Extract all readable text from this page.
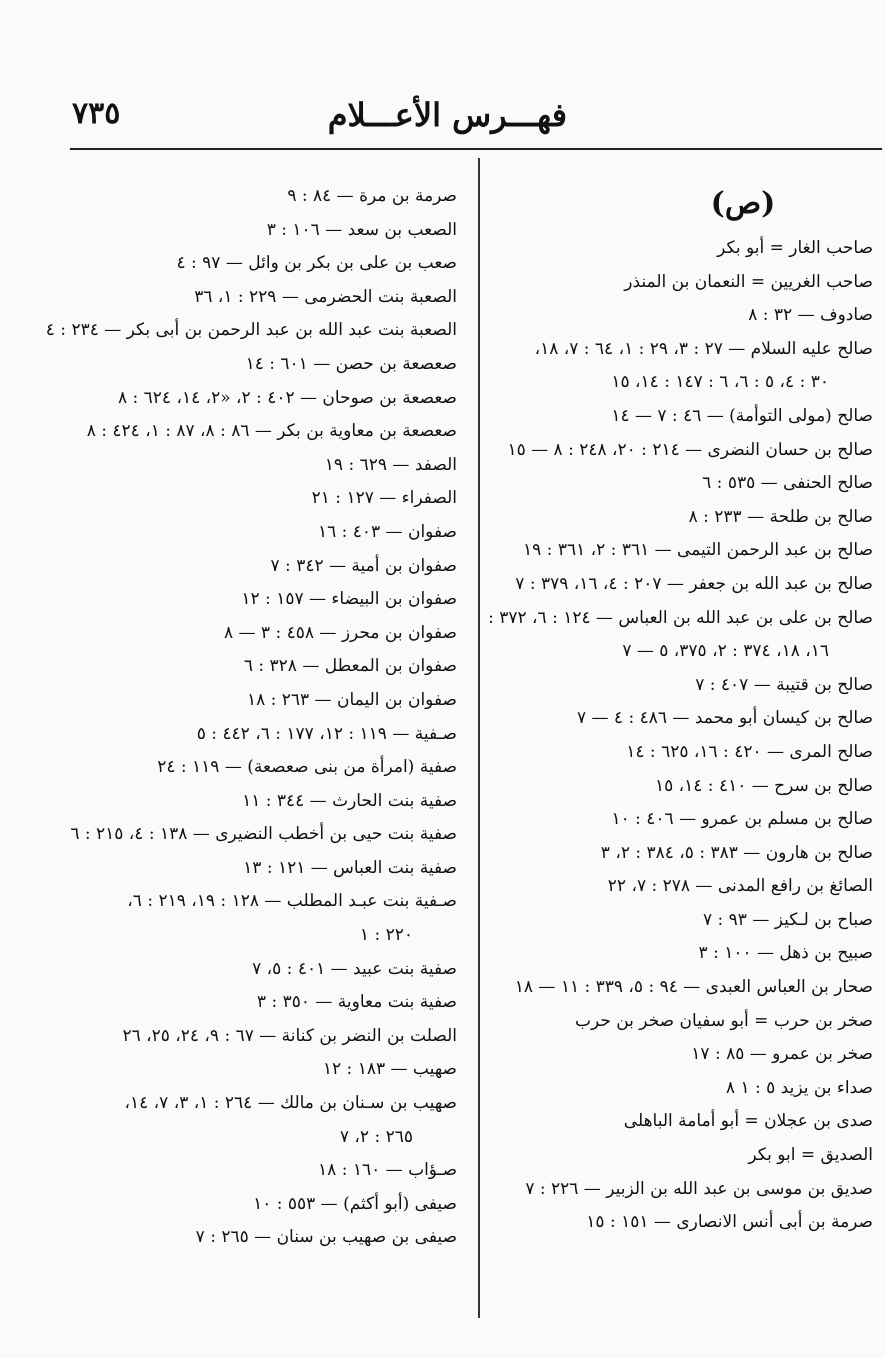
٧٣٥	فهـــرس الأعـــلام
(ص)
صاحب الغار = أبو بكر
صاحب الغريين = النعمان بن المنذر
صادوف — ٣٢ : ٨
صالح عليه السلام — ٢٧ : ٣، ٢٩ : ١، ٦٤ : ٧، ١٨،
٣٠ : ٤، ٥ : ٦، ٦ : ١٤٧ : ١٤، ١٥
صالح (مولى التوأمة) — ٤٦ : ٧ — ١٤
صالح بن حسان النضرى — ٢١٤ : ٢٠، ٢٤٨ : ٨ — ١٥
صالح الحنفى — ٥٣٥ : ٦
صالح بن طلحة — ٢٣٣ : ٨
صالح بن عبد الرحمن التيمى — ٣٦١ : ٢، ٣٦١ : ١٩
صالح بن عبد الله بن جعفر — ٢٠٧ : ٤، ١٦، ٣٧٩ : ٧
صالح بن على بن عبد الله بن العباس — ١٢٤ : ٦، ٣٧٢ :
١٦، ١٨، ٣٧٤ : ٢، ٣٧٥، ٥ — ٧
صالح بن قتيبة — ٤٠٧ : ٧
صالح بن كيسان أبو محمد — ٤٨٦ : ٤ — ٧
صالح المرى — ٤٢٠ : ١٦، ٦٢٥ : ١٤
صالح بن سرح — ٤١٠ : ١٤، ١٥
صالح بن مسلم بن عمرو — ٤٠٦ : ١٠
صالح بن هارون — ٣٨٣ : ٥، ٣٨٤ : ٢، ٣
الصائغ بن رافع المدنى — ٢٧٨ : ٧، ٢٢
صباح بن لـكيز — ٩٣ : ٧
صبيح بن ذهل — ١٠٠ : ٣
صحار بن العباس العبدى — ٩٤ : ٥، ٣٣٩ : ١١ — ١٨
صخر بن حرب = أبو سفيان صخر بن حرب
صخر بن عمرو — ٨٥ : ١٧
صداء بن يزيد ٥ : ١ ٨
صدى بن عجلان = أبو أمامة الباهلى
الصديق = ابو بكر
صديق بن موسى بن عبد الله بن الزبير — ٢٢٦ : ٧
صرمة بن أبى أنس الانصارى — ١٥١ : ١٥
صرمة بن مرة — ٨٤ : ٩
الصعب بن سعد — ١٠٦ : ٣
صعب بن على بن بكر بن وائل — ٩٧ : ٤
الصعبة بنت الحضرمى — ٢٢٩ : ١، ٣٦
الصعبة بنت عبد الله بن عبد الرحمن بن أبى بكر — ٢٣٤ : ٤
صعصعة بن حصن — ٦٠١ : ١٤
صعصعة بن صوحان — ٤٠٢ : ٢، «٢، ١٤، ٦٢٤ : ٨
صعصعة بن معاوية بن بكر — ٨٦ : ٨، ٨٧ : ١، ٤٢٤ : ٨
الصفد — ٦٢٩ : ١٩
الصفراء — ١٢٧ : ٢١
صفوان — ٤٠٣ : ١٦
صفوان بن أمية — ٣٤٢ : ٧
صفوان بن البيضاء — ١٥٧ : ١٢
صفوان بن محرز — ٤٥٨ : ٣ — ٨
صفوان بن المعطل — ٣٢٨ : ٦
صفوان بن اليمان — ٢٦٣ : ١٨
صـفية — ١١٩ : ١٢، ١٧٧ : ٦، ٤٤٢ : ٥
صفية (امرأة من بنى صعصعة) — ١١٩ : ٢٤
صفية بنت الحارث — ٣٤٤ : ١١
صفية بنت حيى بن أخطب النضيرى — ١٣٨ : ٤، ٢١٥ : ٦
صفية بنت العباس — ١٢١ : ١٣
صـفية بنت عبـد المطلب — ١٢٨ : ١٩، ٢١٩ : ٦،
٢٢٠ : ١
صفية بنت عبيد — ٤٠١ : ٥، ٧
صفية بنت معاوية — ٣٥٠ : ٣
الصلت بن النضر بن كنانة — ٦٧ : ٩، ٢٤، ٢٥، ٢٦
صهيب — ١٨٣ : ١٢
صهيب بن سـنان بن مالك — ٢٦٤ : ١، ٣، ٧، ١٤،
٢٦٥ : ٢، ٧
صـؤاب — ١٦٠ : ١٨
صيفى (أبو أكثم) — ٥٥٣ : ١٠
صيفى بن صهيب بن سنان — ٢٦٥ : ٧
